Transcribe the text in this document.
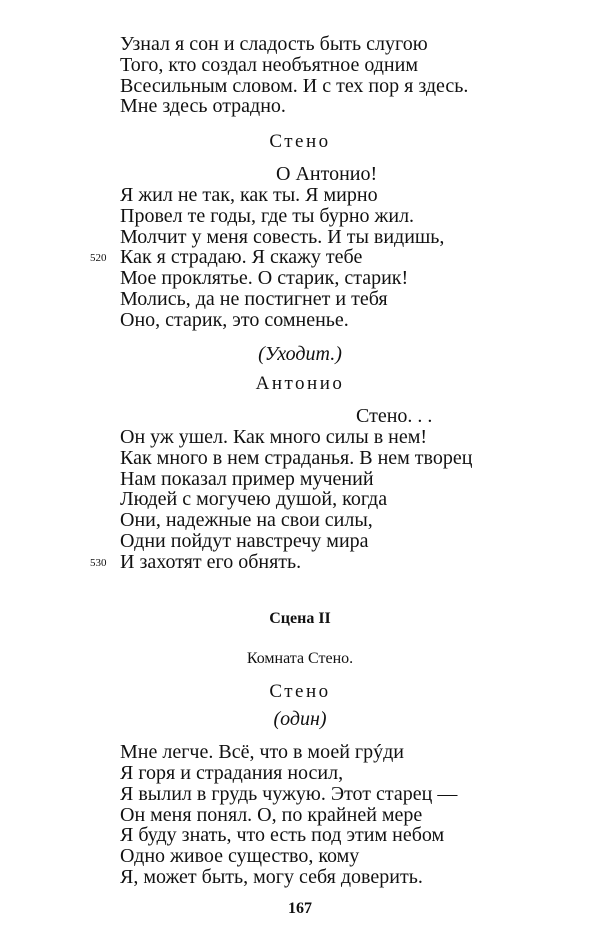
Узнал я сон и сладость быть слугою
Того, кто создал необъятное одним
Всесильным словом. И с тех пор я здесь.
Мне здесь отрадно.
Стено
О Антонио!
Я жил не так, как ты. Я мирно
Провел те годы, где ты бурно жил.
Молчит у меня совесть. И ты видишь,
520 Как я страдаю. Я скажу тебе
Мое проклятье. О старик, старик!
Молись, да не постигнет и тебя
Оно, старик, это сомненье.
(Уходит.)
Антонио
Стено. . .
Он уж ушел. Как много силы в нем!
Как много в нем страданья. В нем творец
Нам показал пример мучений
Людей с могучею душой, когда
Они, надежные на свои силы,
Одни пойдут навстречу мира
530 И захотят его обнять.
Сцена II
Комната Стено.
Стено
(один)
Мне легче. Всё, что в моей грýди
Я горя и страдания носил,
Я вылил в грудь чужую. Этот старец —
Он меня понял. О, по крайней мере
Я буду знать, что есть под этим небом
Одно живое существо, кому
Я, может быть, могу себя доверить.
167
